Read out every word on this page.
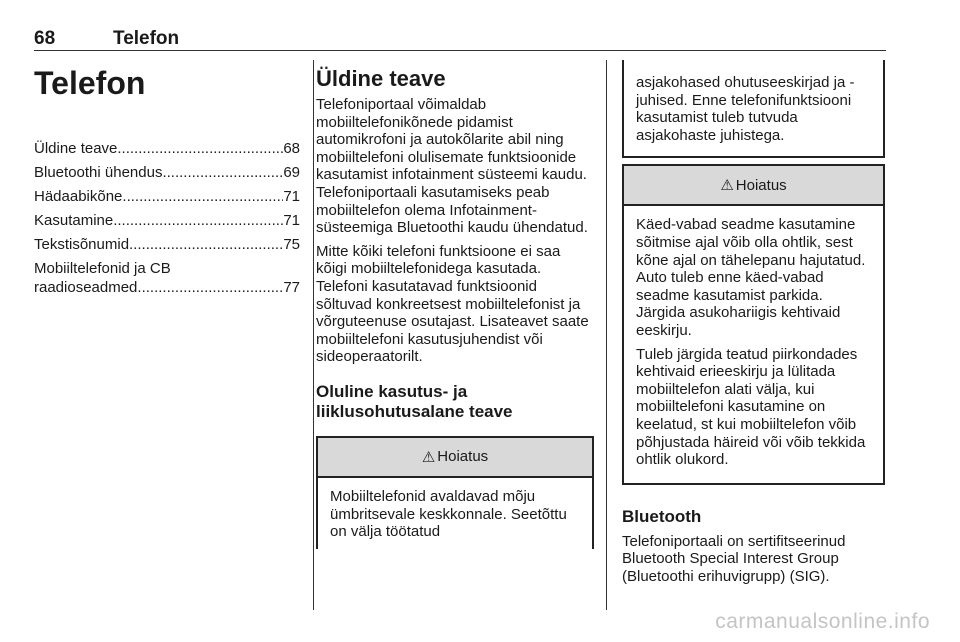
68	Telefon
Telefon
Üldine teave .....	68
Bluetoothi ühendus .....	69
Hädaabikõne .....	71
Kasutamine .....	71
Tekstisõnumid .....	75
Mobiiltelefonid ja CB
raadioseadmed .....	77
Üldine teave

Telefoniportaal võimaldab mobiiltelefonikõnede pidamist automikrofoni ja autokõlarite abil ning mobiiltelefoni olulisemate funktsioonide kasutamist infotainment süsteemi kaudu. Telefoniportaali kasutamiseks peab mobiiltelefon olema Infotainment-süsteemiga Bluetoothi kaudu ühendatud.

Mitte kõiki telefoni funktsioone ei saa kõigi mobiiltelefonidega kasutada. Telefoni kasutatavad funktsioonid sõltuvad konkreetsest mobiiltelefonist ja võrguteenuse osutajast. Lisateavet saate mobiiltelefoni kasutusjuhendist või sideoperaatorilt.

Oluline kasutus- ja
liiklusohutusalane teave
⚠ Hoiatus

Mobiiltelefonid avaldavad mõju ümbritsevale keskkonnale. Seetõttu on välja töötatud

asjakohased ohutuseeskirjad ja -juhised. Enne telefonifunktsiooni kasutamist tuleb tutvuda asjakohaste juhistega.

⚠ Hoiatus

Käed-vabad seadme kasutamine sõitmise ajal võib olla ohtlik, sest kõne ajal on tähelepanu hajutatud. Auto tuleb enne käed-vabad seadme kasutamist parkida. Järgida asukohariigis kehtivaid eeskirju.

Tuleb järgida teatud piirkondades kehtivaid erieeskirju ja lülitada mobiiltelefon alati välja, kui mobiiltelefoni kasutamine on keelatud, st kui mobiiltelefon võib põhjustada häireid või võib tekkida ohtlik olukord.

Bluetooth

Telefoniportaali on sertifitseerinud Bluetooth Special Interest Group (Bluetoothi erihuvigrupp) (SIG).

carmanualsonline.info
